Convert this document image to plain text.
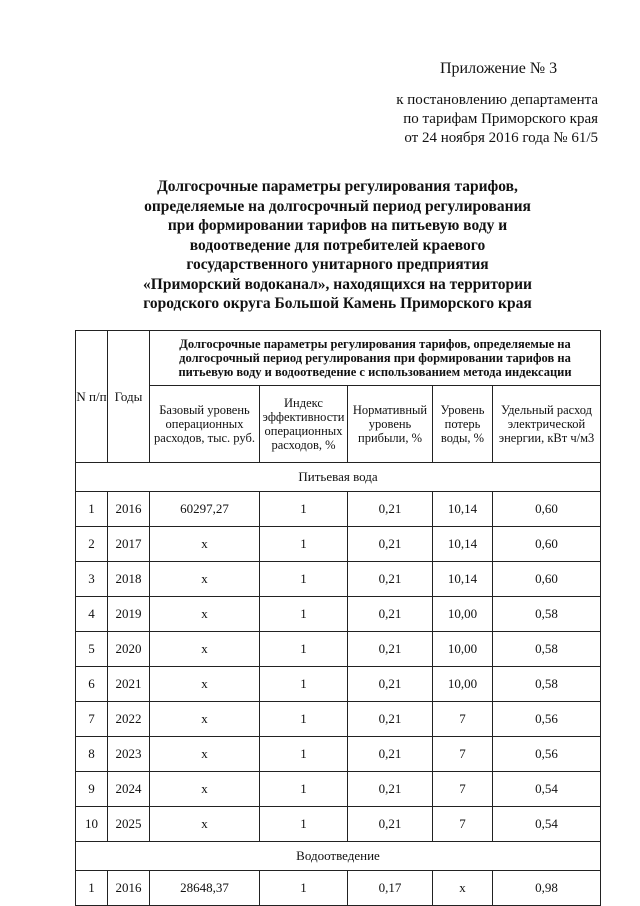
Приложение № 3
к постановлению департамента
по тарифам Приморского края
от 24 ноября 2016 года № 61/5
Долгосрочные параметры регулирования тарифов,
определяемые на долгосрочный период регулирования
при формировании тарифов на питьевую воду и
водоотведение для потребителей краевого
государственного унитарного предприятия
«Приморский водоканал», находящихся на территории
городского округа Большой Камень Приморского края
N п/п	Годы	Долгосрочные параметры регулирования тарифов, определяемые на долгосрочный период регулирования при формировании тарифов на питьевую воду и водоотведение с использованием метода индексации				
		Базовый уровень операционных расходов, тыс. руб.	Индекс эффективности операционных расходов, %	Нормативный уровень прибыли, %	Уровень потерь воды, %	Удельный расход электрической энергии, кВт ч/м3
Питьевая вода						
1	2016	60297,27	1	0,21	10,14	0,60
2	2017	х	1	0,21	10,14	0,60
3	2018	х	1	0,21	10,14	0,60
4	2019	х	1	0,21	10,00	0,58
5	2020	х	1	0,21	10,00	0,58
6	2021	х	1	0,21	10,00	0,58
7	2022	х	1	0,21	7	0,56
8	2023	х	1	0,21	7	0,56
9	2024	х	1	0,21	7	0,54
10	2025	х	1	0,21	7	0,54
Водоотведение						
1	2016	28648,37	1	0,17	х	0,98
